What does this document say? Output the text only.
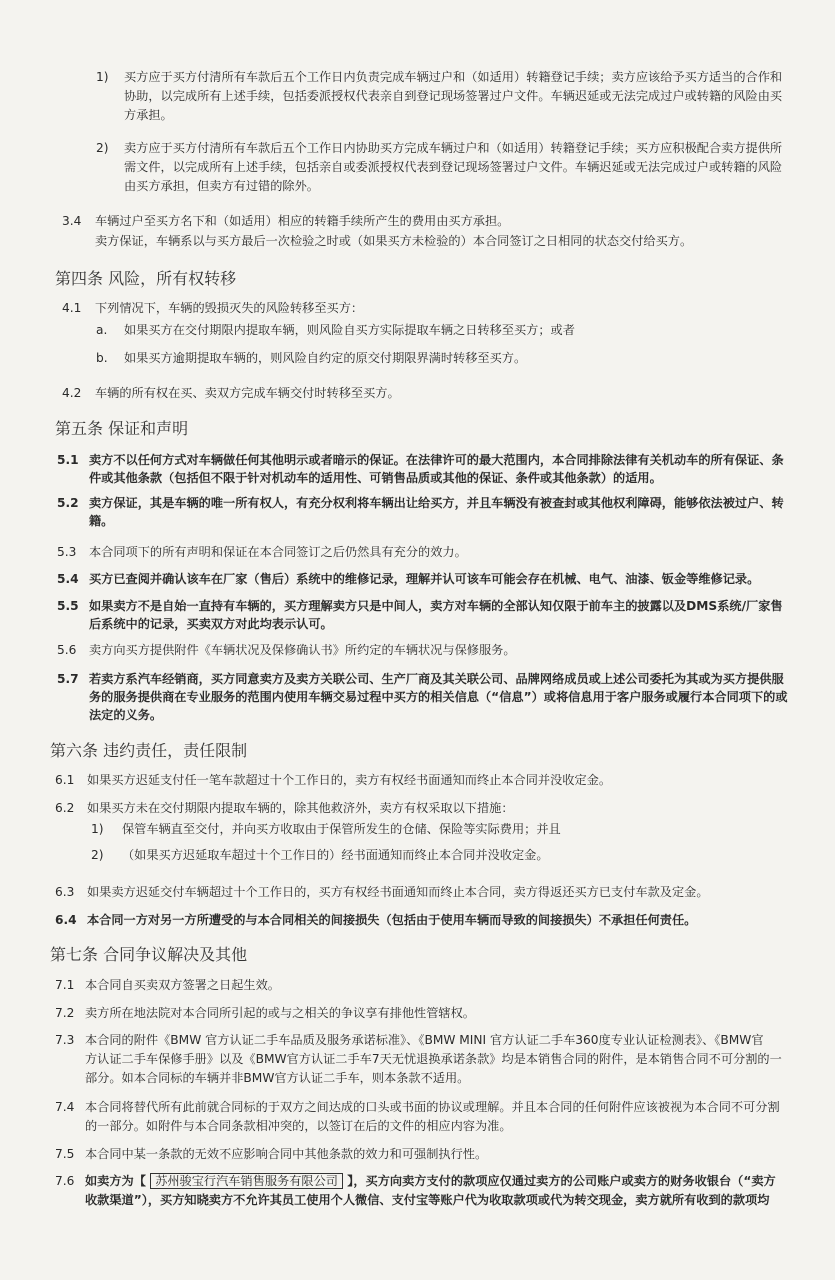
1) 买方应于买方付清所有车款后五个工作日内负责完成车辆过户和（如适用）转籍登记手续；卖方应该给予买方适当的合作和协助，以完成所有上述手续，包括委派授权代表亲自到登记现场签署过户文件。车辆迟延或无法完成过户或转籍的风险由买方承担。
2) 卖方应于买方付清所有车款后五个工作日内协助买方完成车辆过户和（如适用）转籍登记手续；买方应积极配合卖方提供所需文件，以完成所有上述手续，包括亲自或委派授权代表到登记现场签署过户文件。车辆迟延或无法完成过户或转籍的风险由买方承担，但卖方有过错的除外。
3.4 车辆过户至买方名下和（如适用）相应的转籍手续所产生的费用由买方承担。
卖方保证，车辆系以与买方最后一次检验之时或（如果买方未检验的）本合同签订之日相同的状态交付给买方。
第四条 风险，所有权转移
4.1 下列情况下，车辆的毁损灭失的风险转移至买方：
a. 如果买方在交付期限内提取车辆，则风险自买方实际提取车辆之日转移至买方；或者
b. 如果买方逾期提取车辆的，则风险自约定的原交付期限界满时转移至买方。
4.2 车辆的所有权在买、卖双方完成车辆交付时转移至买方。
第五条 保证和声明
5.1 卖方不以任何方式对车辆做任何其他明示或者暗示的保证。在法律许可的最大范围内，本合同排除法律有关机动车的所有保证、条
件或其他条款（包括但不限于针对机动车的适用性、可销售品质或其他的保证、条件或其他条款）的适用。
5.2 卖方保证，其是车辆的唯一所有权人，有充分权利将车辆出让给买方，并且车辆没有被查封或其他权利障碍，能够依法被过户、转
籍。
5.3 本合同项下的所有声明和保证在本合同签订之后仍然具有充分的效力。
5.4 买方已查阅并确认该车在厂家（售后）系统中的维修记录，理解并认可该车可能会存在机械、电气、油漆、钣金等维修记录。
5.5 如果卖方不是自始一直持有车辆的，买方理解卖方只是中间人，卖方对车辆的全部认知仅限于前车主的披露以及DMS系统/厂家售
后系统中的记录，买卖双方对此均表示认可。
5.6 卖方向买方提供附件《车辆状况及保修确认书》所约定的车辆状况与保修服务。
5.7 若卖方系汽车经销商，买方同意卖方及卖方关联公司、生产厂商及其关联公司、品牌网络成员或上述公司委托为其或为买方提供服
务的服务提供商在专业服务的范围内使用车辆交易过程中买方的相关信息（“信息”）或将信息用于客户服务或履行本合同项下的或
法定的义务。
第六条 违约责任，责任限制
6.1 如果买方迟延支付任一笔车款超过十个工作日的，卖方有权经书面通知而终止本合同并没收定金。
6.2 如果买方未在交付期限内提取车辆的，除其他救济外，卖方有权采取以下措施：
1) 保管车辆直至交付，并向买方收取由于保管所发生的仓储、保险等实际费用；并且
2) （如果买方迟延取车超过十个工作日的）经书面通知而终止本合同并没收定金。
6.3 如果卖方迟延交付车辆超过十个工作日的，买方有权经书面通知而终止本合同，卖方得返还买方已支付车款及定金。
6.4 本合同一方对另一方所遭受的与本合同相关的间接损失（包括由于使用车辆而导致的间接损失）不承担任何责任。
第七条 合同争议解决及其他
7.1 本合同自买卖双方签署之日起生效。
7.2 卖方所在地法院对本合同所引起的或与之相关的争议享有排他性管辖权。
7.3 本合同的附件《BMW 官方认证二手车品质及服务承诺标准》、《BMW MINI 官方认证二手车360度专业认证检测表》、《BMW官
方认证二手车保修手册》以及《BMW官方认证二手车7天无忧退换承诺条款》均是本销售合同的附件，是本销售合同不可分割的一
部分。如本合同标的车辆并非BMW官方认证二手车，则本条款不适用。
7.4 本合同将替代所有此前就合同标的于双方之间达成的口头或书面的协议或理解。并且本合同的任何附件应该被视为本合同不可分割
的一部分。如附件与本合同条款相冲突的，以签订在后的文件的相应内容为准。
7.5 本合同中某一条款的无效不应影响合同中其他条款的效力和可强制执行性。
7.6 如卖方为【 苏州骏宝行汽车销售服务有限公司 】，买方向卖方支付的款项应仅通过卖方的公司账户或卖方的财务收银台（“卖方
收款渠道”），买方知晓卖方不允许其员工使用个人微信、支付宝等账户代为收取款项或代为转交现金，卖方就所有收到的款项均
